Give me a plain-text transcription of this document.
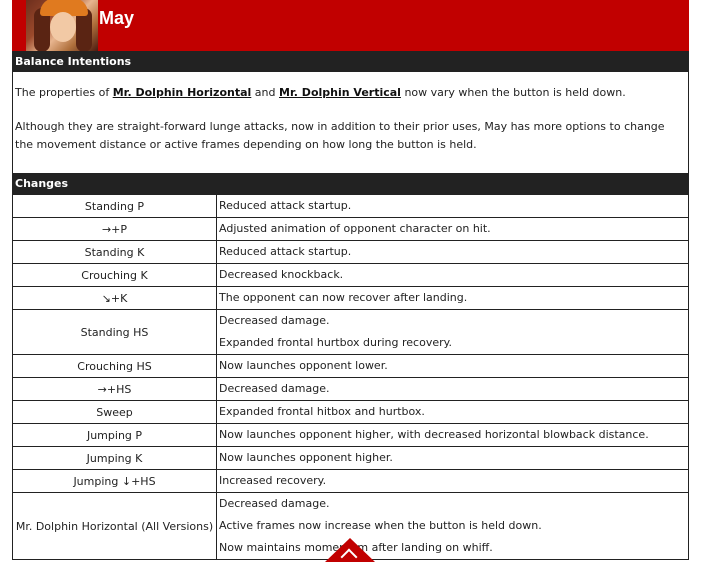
May
Balance Intentions

The properties of Mr. Dolphin Horizontal and Mr. Dolphin Vertical now vary when the button is held down.

Although they are straight-forward lunge attacks, now in addition to their prior uses, May has more options to change the movement distance or active frames depending on how long the button is held.

Changes
Standing P	Reduced attack startup.

→+P	Adjusted animation of opponent character on hit.

Standing K	Reduced attack startup.

Crouching K	Decreased knockback.

↘+K	The opponent can now recover after landing.

Standing HS	Decreased damage.
Expanded frontal hurtbox during recovery.

Crouching HS	Now launches opponent lower.

→+HS	Decreased damage.

Sweep	Expanded frontal hitbox and hurtbox.

Jumping P	Now launches opponent higher, with decreased horizontal blowback distance.

Jumping K	Now launches opponent higher.

Jumping ↓+HS	Increased recovery.

Mr. Dolphin Horizontal (All Versions)	Decreased damage.
Active frames now increase when the button is held down.
Now maintains momentum after landing on whiff.
